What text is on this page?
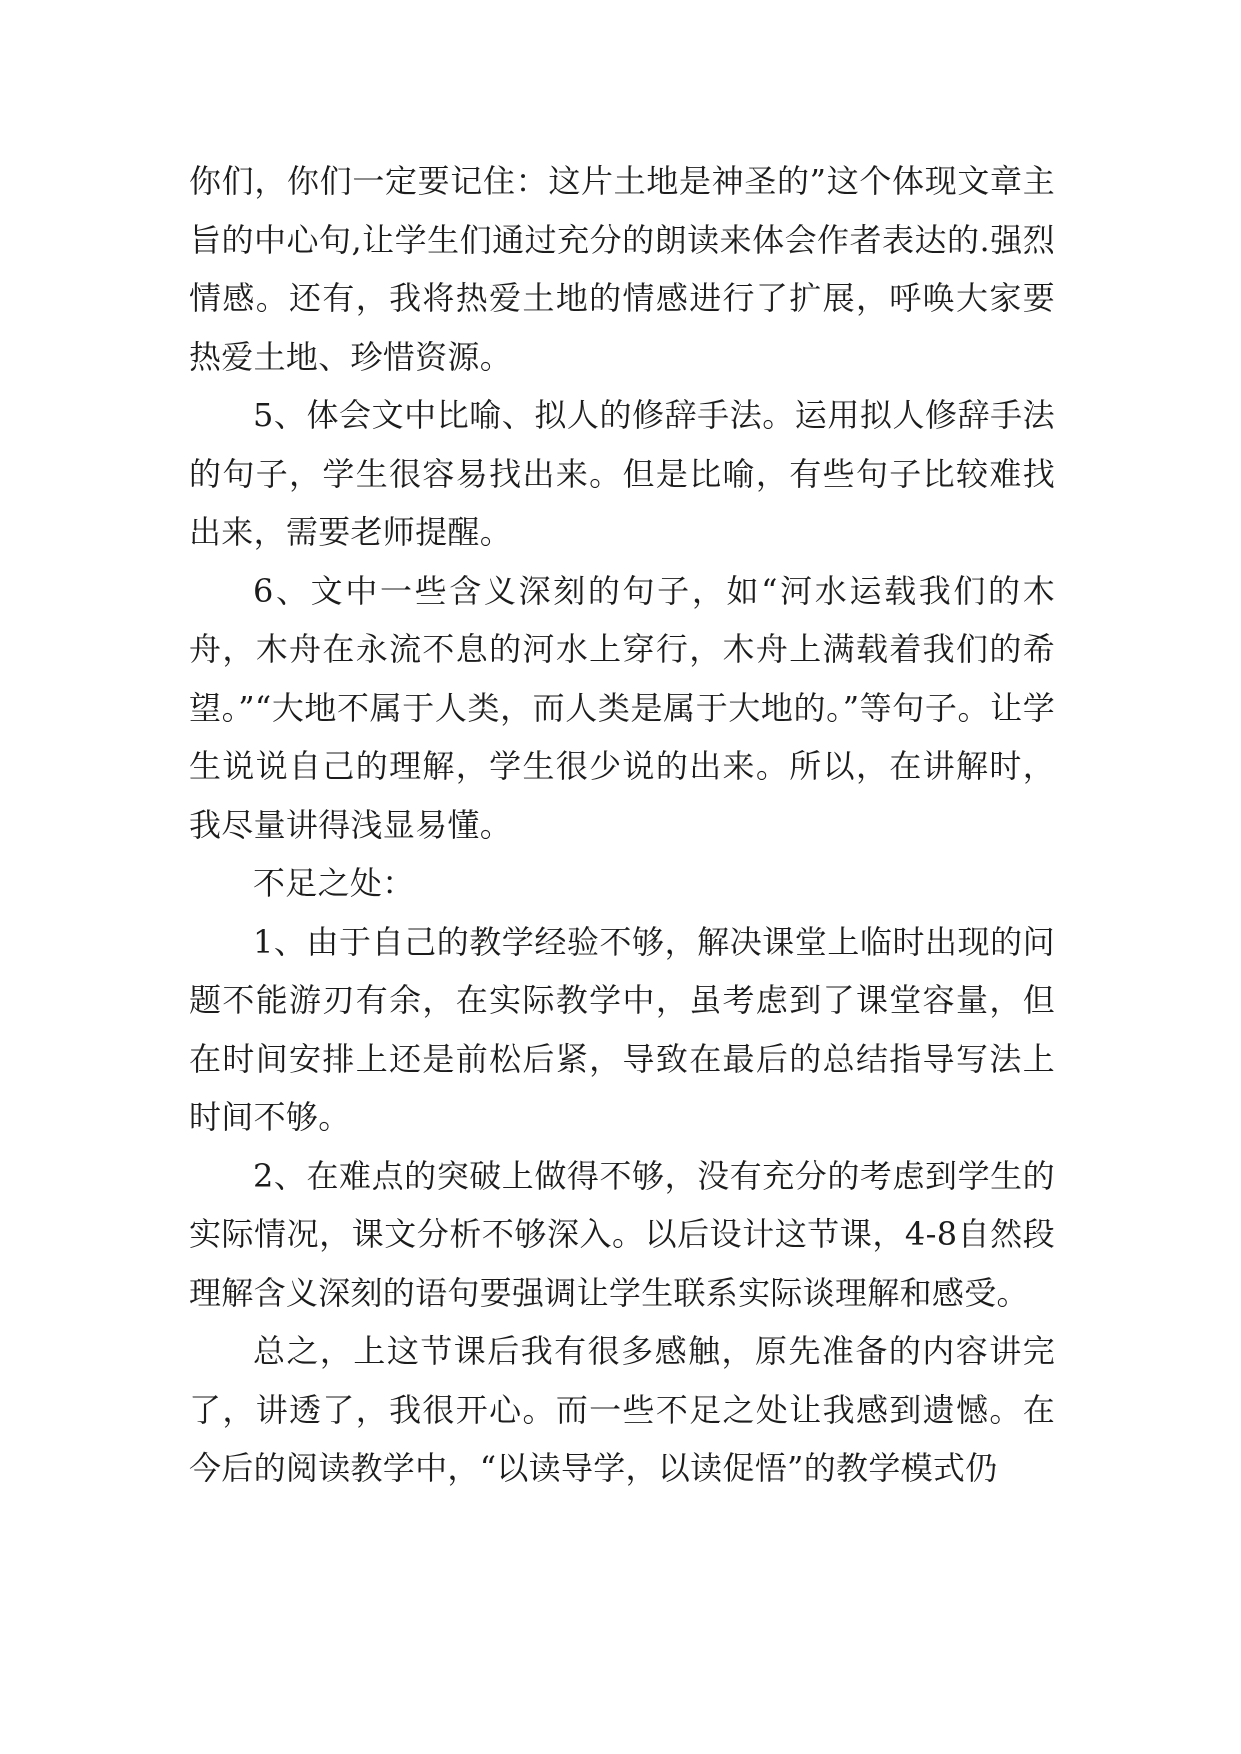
你们，你们一定要记住：这片土地是神圣的”这个体现文章主旨的中心句,让学生们通过充分的朗读来体会作者表达的.强烈情感。还有，我将热爱土地的情感进行了扩展，呼唤大家要热爱土地、珍惜资源。

5、体会文中比喻、拟人的修辞手法。运用拟人修辞手法的句子，学生很容易找出来。但是比喻，有些句子比较难找出来，需要老师提醒。

6、文中一些含义深刻的句子，如“河水运载我们的木舟，木舟在永流不息的河水上穿行，木舟上满载着我们的希望。”“大地不属于人类，而人类是属于大地的。”等句子。让学生说说自己的理解，学生很少说的出来。所以，在讲解时，我尽量讲得浅显易懂。

不足之处：

1、由于自己的教学经验不够，解决课堂上临时出现的问题不能游刃有余，在实际教学中，虽考虑到了课堂容量，但在时间安排上还是前松后紧，导致在最后的总结指导写法上时间不够。

2、在难点的突破上做得不够，没有充分的考虑到学生的实际情况，课文分析不够深入。以后设计这节课，4-8自然段理解含义深刻的语句要强调让学生联系实际谈理解和感受。

总之，上这节课后我有很多感触，原先准备的内容讲完了，讲透了，我很开心。而一些不足之处让我感到遗憾。在今后的阅读教学中，“以读导学，以读促悟”的教学模式仍
